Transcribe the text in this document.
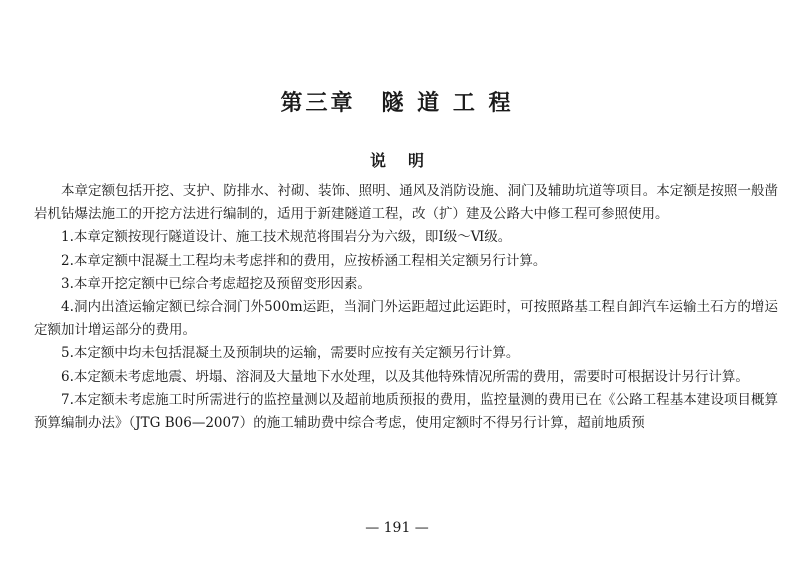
第三章 隧 道 工 程
说明

本章定额包括开挖、支护、防排水、衬砌、装饰、照明、通风及消防设施、洞门及辅助坑道等项目。本定额是按照一般凿岩机钻爆法施工的开挖方法进行编制的，适用于新建隧道工程，改（扩）建及公路大中修工程可参照使用。

1.本章定额按现行隧道设计、施工技术规范将围岩分为六级，即Ⅰ级～Ⅵ级。

2.本章定额中混凝土工程均未考虑拌和的费用，应按桥涵工程相关定额另行计算。

3.本章开挖定额中已综合考虑超挖及预留变形因素。

4.洞内出渣运输定额已综合洞门外500m运距，当洞门外运距超过此运距时，可按照路基工程自卸汽车运输土石方的增运定额加计增运部分的费用。

5.本定额中均未包括混凝土及预制块的运输，需要时应按有关定额另行计算。

6.本定额未考虑地震、坍塌、溶洞及大量地下水处理，以及其他特殊情况所需的费用，需要时可根据设计另行计算。

7.本定额未考虑施工时所需进行的监控量测以及超前地质预报的费用，监控量测的费用已在《公路工程基本建设项目概算预算编制办法》（JTG B06—2007）的施工辅助费中综合考虑，使用定额时不得另行计算，超前地质预

— 191 —
